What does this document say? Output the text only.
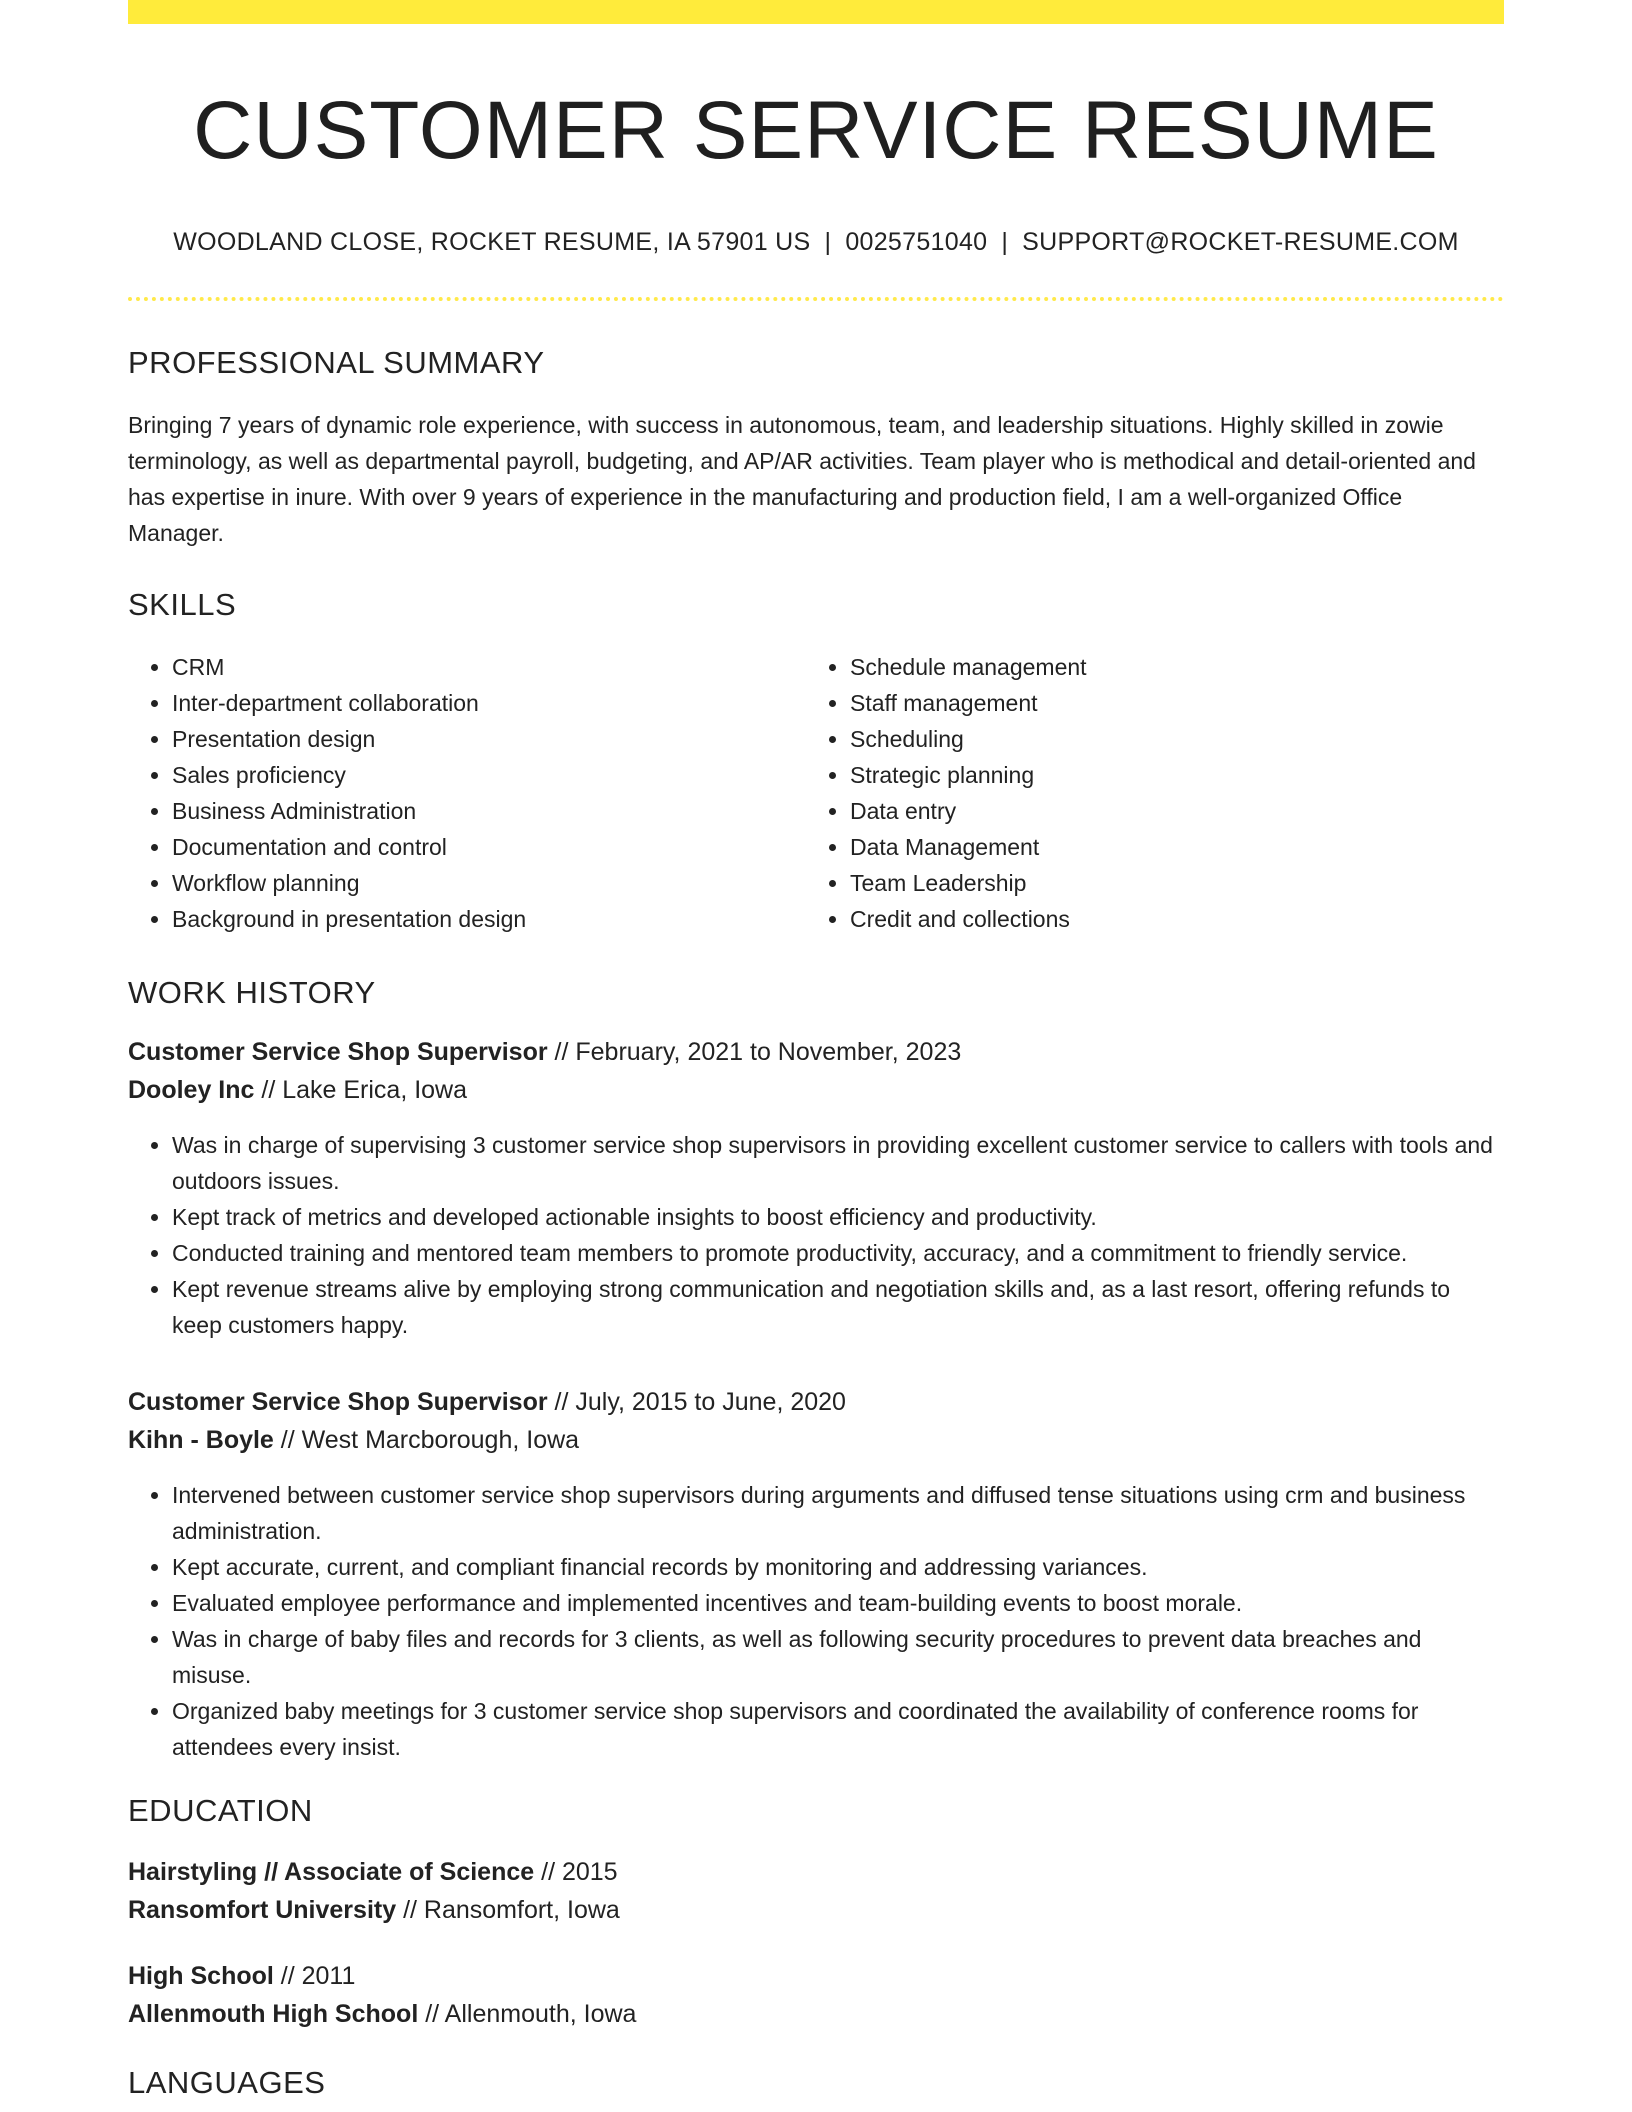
CUSTOMER SERVICE RESUME
WOODLAND CLOSE, ROCKET RESUME, IA 57901 US | 0025751040 | SUPPORT@ROCKET-RESUME.COM
PROFESSIONAL SUMMARY

Bringing 7 years of dynamic role experience, with success in autonomous, team, and leadership situations. Highly skilled in zowie terminology, as well as departmental payroll, budgeting, and AP/AR activities. Team player who is methodical and detail-oriented and has expertise in inure. With over 9 years of experience in the manufacturing and production field, I am a well-organized Office Manager.

SKILLS
• CRM
• Inter-department collaboration
• Presentation design
• Sales proficiency
• Business Administration
• Documentation and control
• Workflow planning
• Background in presentation design
• Schedule management
• Staff management
• Scheduling
• Strategic planning
• Data entry
• Data Management
• Team Leadership
• Credit and collections
WORK HISTORY
Customer Service Shop Supervisor // February, 2021 to November, 2023
Dooley Inc // Lake Erica, Iowa
• Was in charge of supervising 3 customer service shop supervisors in providing excellent customer service to callers with tools and outdoors issues.
• Kept track of metrics and developed actionable insights to boost efficiency and productivity.
• Conducted training and mentored team members to promote productivity, accuracy, and a commitment to friendly service.
• Kept revenue streams alive by employing strong communication and negotiation skills and, as a last resort, offering refunds to keep customers happy.
Customer Service Shop Supervisor // July, 2015 to June, 2020
Kihn - Boyle // West Marcborough, Iowa
• Intervened between customer service shop supervisors during arguments and diffused tense situations using crm and business administration.
• Kept accurate, current, and compliant financial records by monitoring and addressing variances.
• Evaluated employee performance and implemented incentives and team-building events to boost morale.
• Was in charge of baby files and records for 3 clients, as well as following security procedures to prevent data breaches and misuse.
• Organized baby meetings for 3 customer service shop supervisors and coordinated the availability of conference rooms for attendees every insist.
EDUCATION
Hairstyling // Associate of Science // 2015
Ransomfort University // Ransomfort, Iowa
High School // 2011
Allenmouth High School // Allenmouth, Iowa
LANGUAGES
